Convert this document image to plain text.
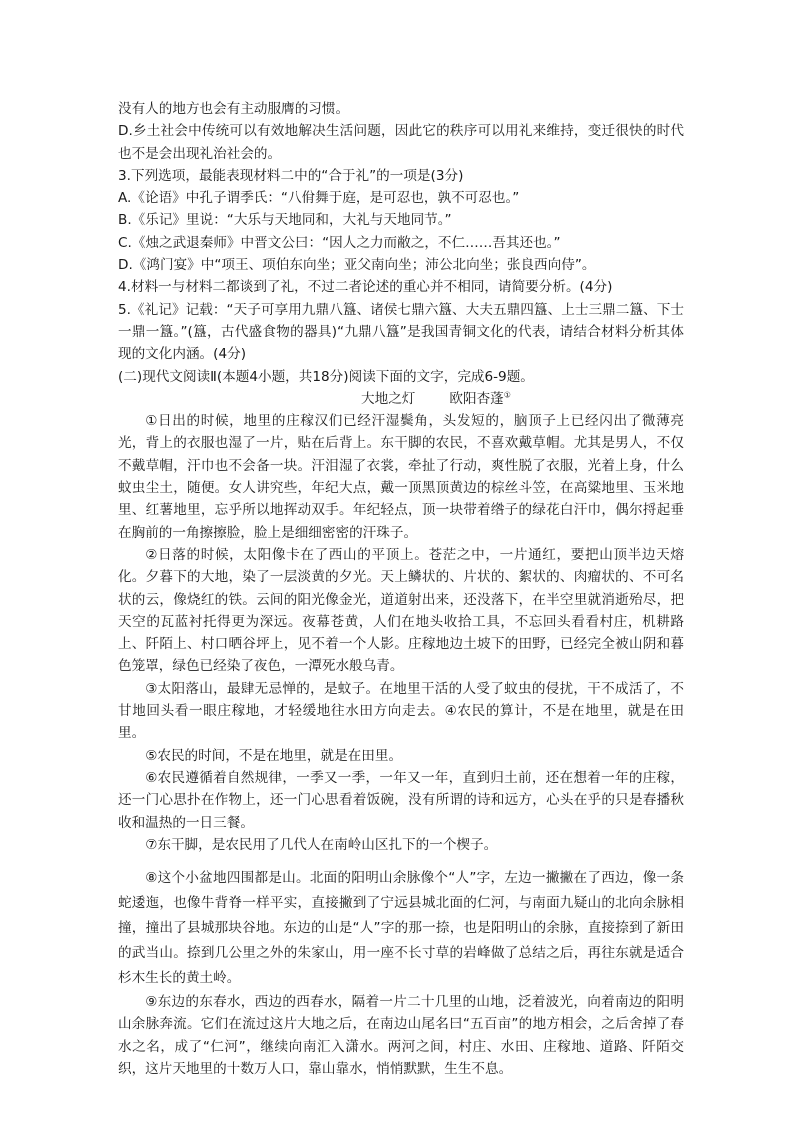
没有人的地方也会有主动服膺的习惯。

D.乡土社会中传统可以有效地解决生活问题，因此它的秩序可以用礼来维持，变迁很快的时代也不是会出现礼治社会的。

3.下列选项，最能表现材料二中的“合于礼”的一项是(3分)

A.《论语》中孔子谓季氏：“八佾舞于庭，是可忍也，孰不可忍也。”

B.《乐记》里说：“大乐与天地同和，大礼与天地同节。”

C.《烛之武退秦师》中晋文公曰：“因人之力而敝之，不仁……吾其还也。”

D.《鸿门宴》中“项王、项伯东向坐；亚父南向坐；沛公北向坐；张良西向侍”。

4.材料一与材料二都谈到了礼，不过二者论述的重心并不相同，请简要分析。(4分)

5.《礼记》记载：“天子可享用九鼎八簋、诸侯七鼎六簋、大夫五鼎四簋、上士三鼎二簋、下士一鼎一簋。”(簋，古代盛食物的器具)“九鼎八簋”是我国青铜文化的代表，请结合材料分析其体现的文化内涵。(4分)

(二)现代文阅读Ⅱ(本题4小题，共18分)阅读下面的文字，完成6-9题。

大地之灯	欧阳杏蓬①

①日出的时候，地里的庄稼汉们已经汗湿鬓角，头发短的，脑顶子上已经闪出了微薄亮光，背上的衣服也湿了一片，贴在后背上。东干脚的农民，不喜欢戴草帽。尤其是男人，不仅不戴草帽，汗巾也不会备一块。汗泪湿了衣裳，牵扯了行动，爽性脱了衣服，光着上身，什么蚊虫尘土，随便。女人讲究些，年纪大点，戴一顶黑顶黄边的棕丝斗笠，在高粱地里、玉米地里、红薯地里，忘乎所以地挥动双手。年纪轻点，顶一块带着绺子的绿花白汗巾，偶尔捋起垂在胸前的一角擦擦脸，脸上是细细密密的汗珠子。

②日落的时候，太阳像卡在了西山的平顶上。苍茫之中，一片通红，要把山顶半边天熔化。夕暮下的大地，染了一层淡黄的夕光。天上鳞状的、片状的、絮状的、肉瘤状的、不可名状的云，像烧红的铁。云间的阳光像金光，道道射出来，还没落下，在半空里就消逝殆尽，把天空的瓦蓝衬托得更为深远。夜幕苍黄，人们在地头收拾工具，不忘回头看看村庄，机耕路上、阡陌上、村口晒谷坪上，见不着一个人影。庄稼地边土坡下的田野，已经完全被山阴和暮色笼罩，绿色已经染了夜色，一潭死水般乌青。

③太阳落山，最肆无忌惮的，是蚊子。在地里干活的人受了蚊虫的侵扰，干不成活了，不甘地回头看一眼庄稼地，才轻缓地往水田方向走去。④农民的算计，不是在地里，就是在田里。

⑤农民的时间，不是在地里，就是在田里。

⑥农民遵循着自然规律，一季又一季，一年又一年，直到归土前，还在想着一年的庄稼，还一门心思扑在作物上，还一门心思看着饭碗，没有所谓的诗和远方，心头在乎的只是春播秋收和温热的一日三餐。

⑦东干脚，是农民用了几代人在南岭山区扎下的一个楔子。

⑧这个小盆地四围都是山。北面的阳明山余脉像个“人”字，左边一撇撇在了西边，像一条蛇逶迤，也像牛背脊一样平实，直接撇到了宁远县城北面的仁河，与南面九疑山的北向余脉相撞，撞出了县城那块谷地。东边的山是“人”字的那一捺，也是阳明山的余脉，直接捺到了新田的武当山。捺到几公里之外的朱家山，用一座不长寸草的岩峰做了总结之后，再往东就是适合杉木生长的黄土岭。

⑨东边的东春水，西边的西春水，隔着一片二十几里的山地，泛着波光，向着南边的阳明山余脉奔流。它们在流过这片大地之后，在南边山尾名曰“五百亩”的地方相会，之后舍掉了春水之名，成了“仁河”，继续向南汇入潇水。两河之间，村庄、水田、庄稼地、道路、阡陌交织，这片天地里的十数万人口，靠山靠水，悄悄默默，生生不息。
